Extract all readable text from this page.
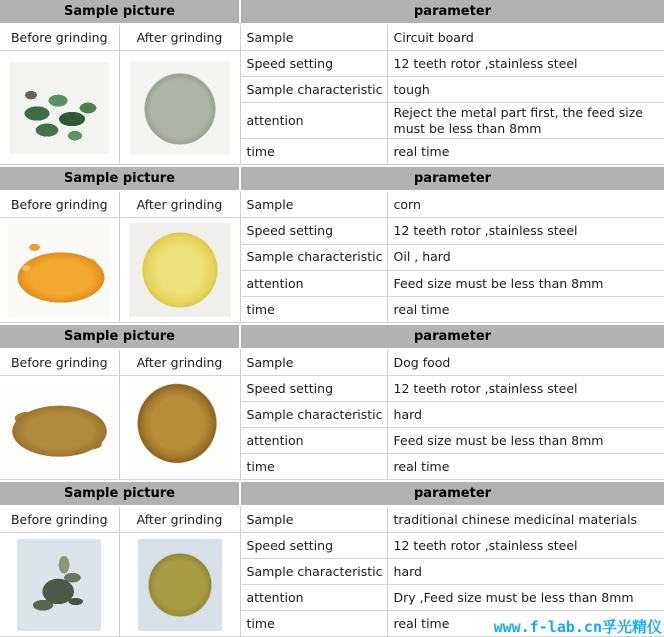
Sample picture		parameter	
Before grinding	After grinding	Sample	Circuit board

	Speed setting	12 teeth rotor ,stainless steel
		Sample characteristic	tough
		attention	Reject the metal part first, the feed size must be less than 8mm
		time	real time
Sample picture		parameter	
Before grinding	After grinding	Sample	corn

	Speed setting	12 teeth rotor ,stainless steel
		Sample characteristic	Oil , hard
		attention	Feed size must be less than 8mm
		time	real time
Sample picture		parameter	
Before grinding	After grinding	Sample	Dog food

	Speed setting	12 teeth rotor ,stainless steel
		Sample characteristic	hard
		attention	Feed size must be less than 8mm
		time	real time
Sample picture		parameter	
Before grinding	After grinding	Sample	traditional chinese medicinal materials

	Speed setting	12 teeth rotor ,stainless steel
		Sample characteristic	hard
		attention	Dry ,Feed size must be less than 8mm
		time	real time	www.f-lab.cn孚光精仪
